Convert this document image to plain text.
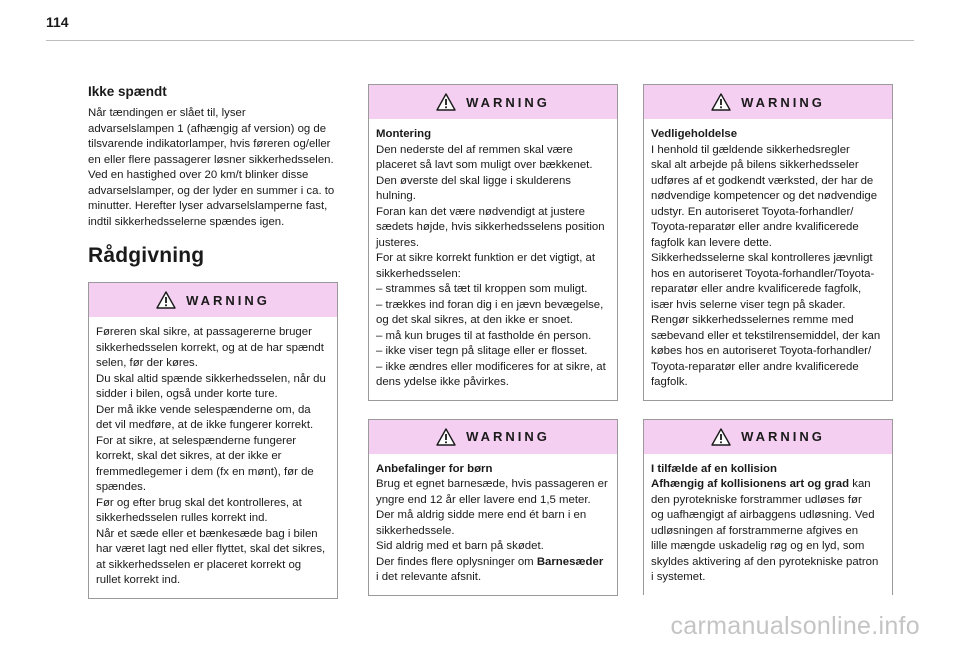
114
Ikke spændt

Når tændingen er slået til, lyser
advarselslampen 1 (afhængig af version) og de
tilsvarende indikatorlamper, hvis føreren og/eller
en eller flere passagerer løsner sikkerhedsselen.
Ved en hastighed over 20 km/t blinker disse
advarselslamper, og der lyder en summer i ca. to
minutter. Herefter lyser advarselslamperne fast,
indtil sikkerhedsselerne spændes igen.

Rådgivning
WARNING
Føreren skal sikre, at passagererne bruger
sikkerhedsselen korrekt, og at de har spændt
selen, før der køres.
Du skal altid spænde sikkerhedsselen, når du
sidder i bilen, også under korte ture.
Der må ikke vende selespænderne om, da
det vil medføre, at de ikke fungerer korrekt.
For at sikre, at selespænderne fungerer
korrekt, skal det sikres, at der ikke er
fremmedlegemer i dem (fx en mønt), før de
spændes.
Før og efter brug skal det kontrolleres, at
sikkerhedsselen rulles korrekt ind.
Når et sæde eller et bænkesæde bag i bilen
har været lagt ned eller flyttet, skal det sikres,
at sikkerhedsselen er placeret korrekt og
rullet korrekt ind.
WARNING
Montering
Den nederste del af remmen skal være
placeret så lavt som muligt over bækkenet.
Den øverste del skal ligge i skulderens
hulning.
Foran kan det være nødvendigt at justere
sædets højde, hvis sikkerhedsselens position
justeres.
For at sikre korrekt funktion er det vigtigt, at
sikkerhedsselen:
– strammes så tæt til kroppen som muligt.
– trækkes ind foran dig i en jævn bevægelse,
og det skal sikres, at den ikke er snoet.
– må kun bruges til at fastholde én person.
– ikke viser tegn på slitage eller er flosset.
– ikke ændres eller modificeres for at sikre, at
dens ydelse ikke påvirkes.
WARNING
Anbefalinger for børn
Brug et egnet barnesæde, hvis passageren er
yngre end 12 år eller lavere end 1,5 meter.
Der må aldrig sidde mere end ét barn i en
sikkerhedssele.
Sid aldrig med et barn på skødet.
Der findes flere oplysninger om Barnesæder
i det relevante afsnit.
WARNING
Vedligeholdelse
I henhold til gældende sikkerhedsregler
skal alt arbejde på bilens sikkerhedsseler
udføres af et godkendt værksted, der har de
nødvendige kompetencer og det nødvendige
udstyr. En autoriseret Toyota-forhandler/
Toyota-reparatør eller andre kvalificerede
fagfolk kan levere dette.
Sikkerhedsselerne skal kontrolleres jævnligt
hos en autoriseret Toyota-forhandler/Toyota-
reparatør eller andre kvalificerede fagfolk,
især hvis selerne viser tegn på skader.
Rengør sikkerhedsselernes remme med
sæbevand eller et tekstilrensemiddel, der kan
købes hos en autoriseret Toyota-forhandler/
Toyota-reparatør eller andre kvalificerede
fagfolk.
WARNING
I tilfælde af en kollision
Afhængig af kollisionens art og grad kan
den pyrotekniske forstrammer udløses før
og uafhængigt af airbaggens udløsning. Ved
udløsningen af forstrammerne afgives en
lille mængde uskadelig røg og en lyd, som
skyldes aktivering af den pyrotekniske patron
i systemet.
carmanualsonline.info
